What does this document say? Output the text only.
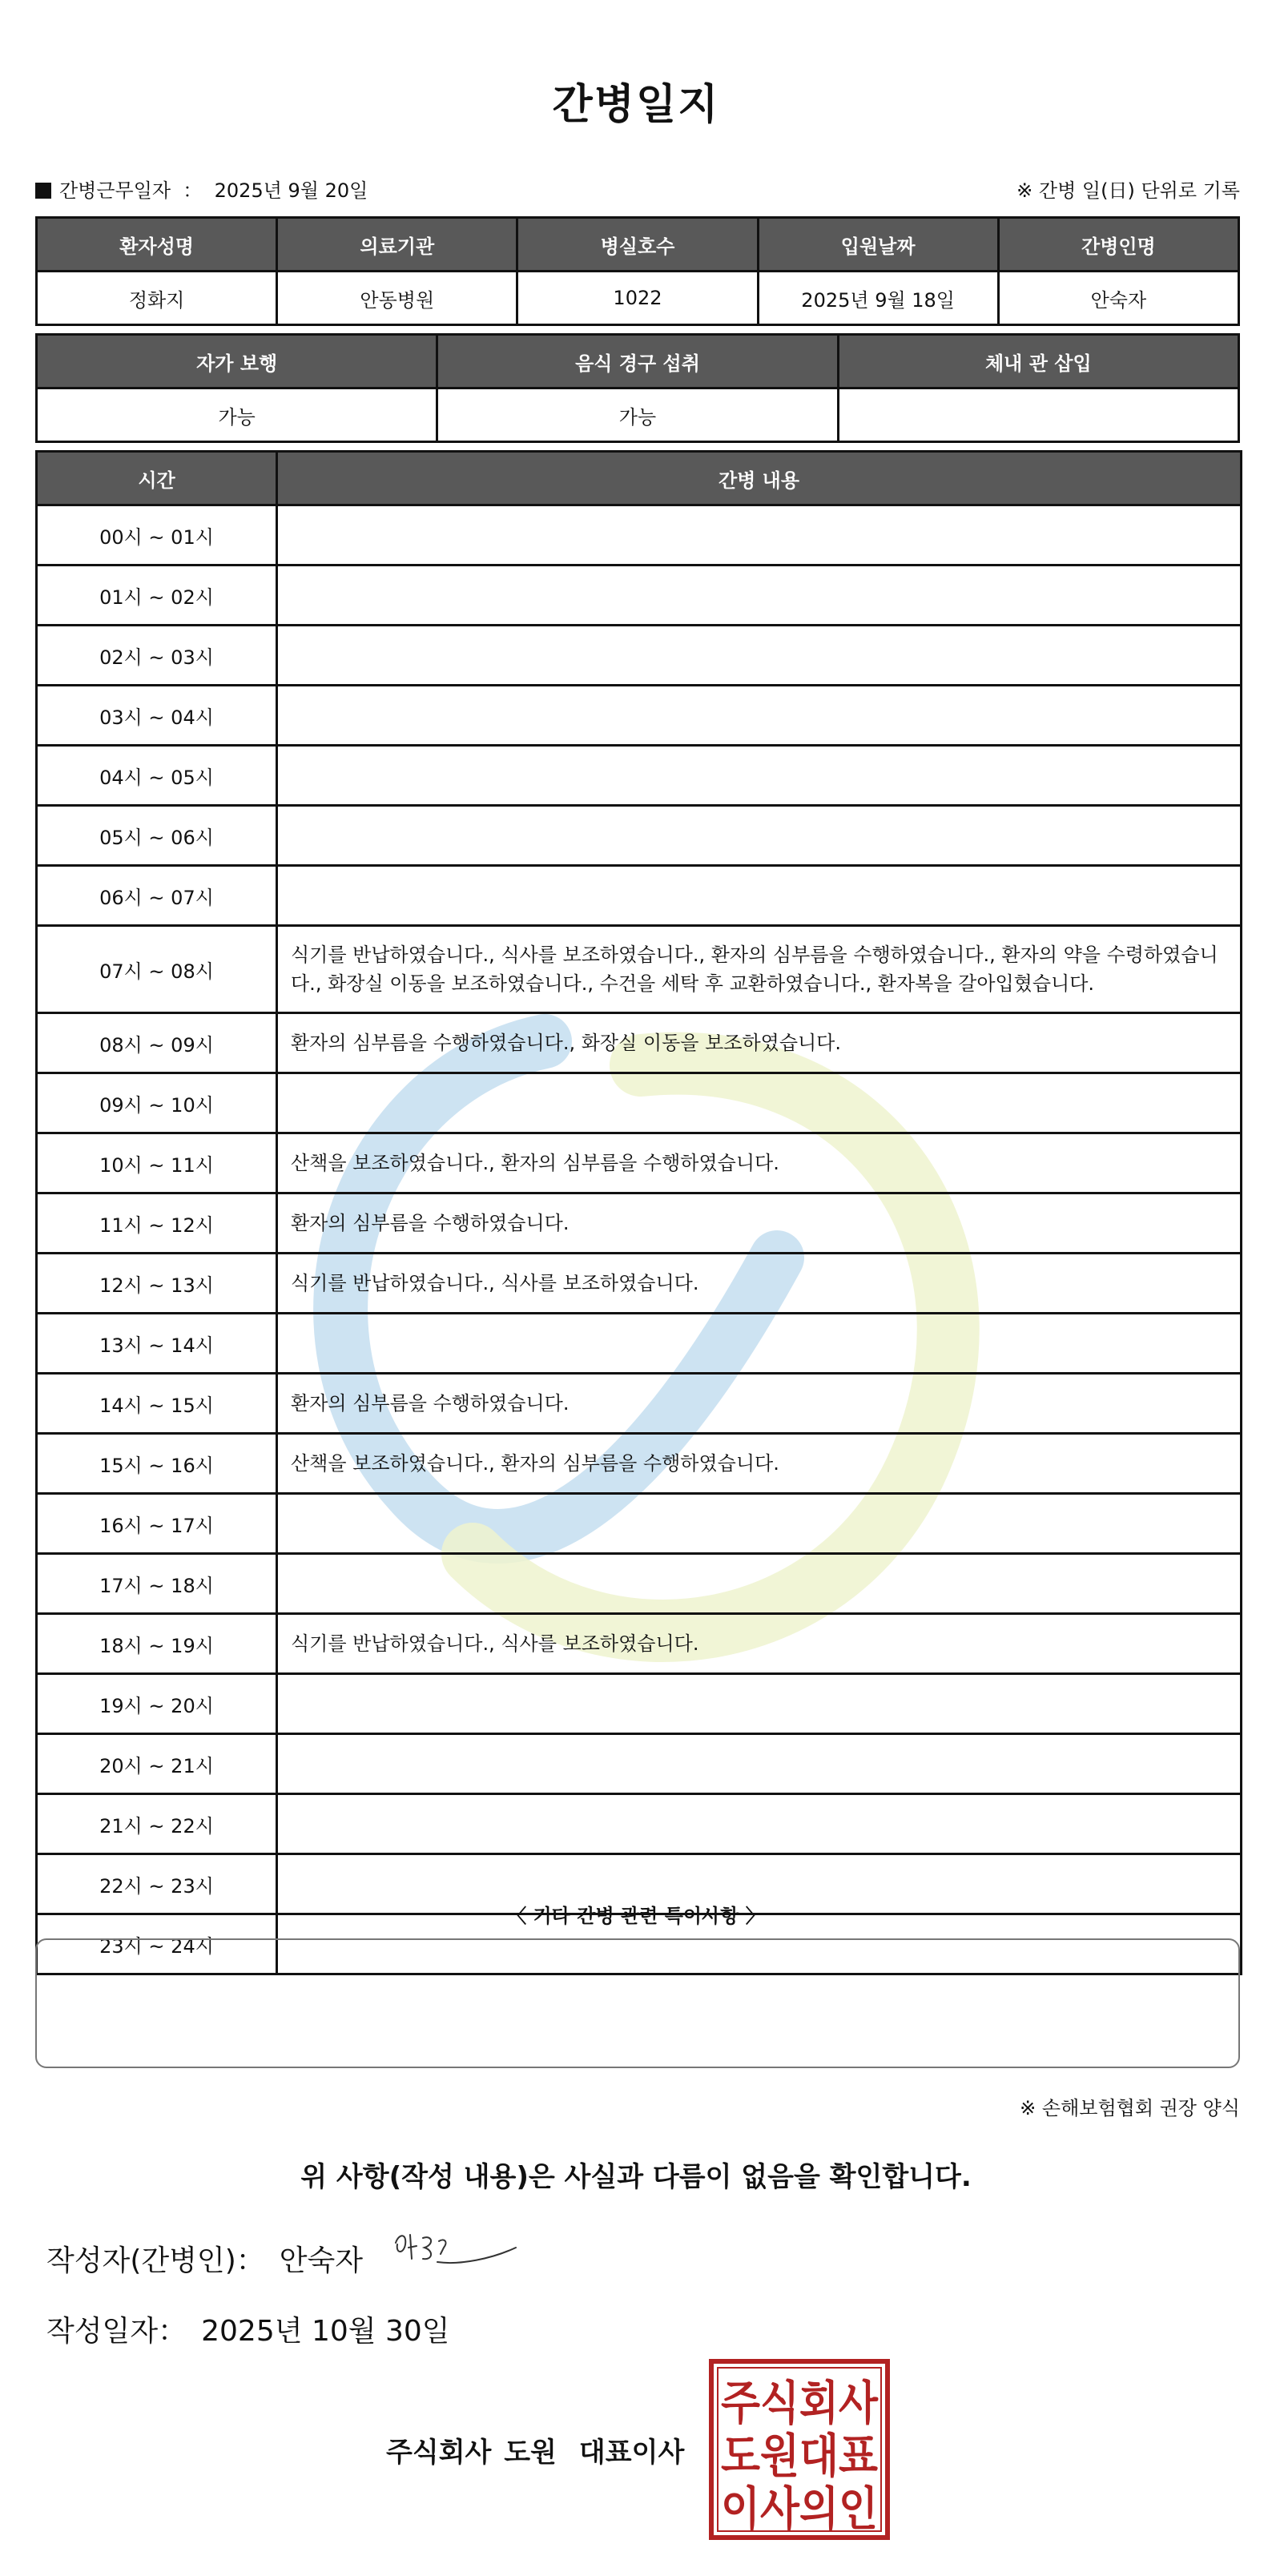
간병일지
간병근무일자 ： 2025년 9월 20일	※ 간병 일(日) 단위로 기록
환자성명	의료기관	병실호수	입원날짜	간병인명
정화지	안동병원	1022	2025년 9월 18일	안숙자
자가 보행	음식 경구 섭취	체내 관 삽입
가능	가능	
시간	간병 내용
00시 ~ 01시	
01시 ~ 02시	
02시 ~ 03시	
03시 ~ 04시	
04시 ~ 05시	
05시 ~ 06시	
06시 ~ 07시	
07시 ~ 08시	식기를 반납하였습니다., 식사를 보조하였습니다., 환자의 심부름을 수행하였습니다., 환자의 약을 수령하였습니다., 화장실 이동을 보조하였습니다., 수건을 세탁 후 교환하였습니다., 환자복을 갈아입혔습니다.
08시 ~ 09시	환자의 심부름을 수행하였습니다., 화장실 이동을 보조하였습니다.
09시 ~ 10시	
10시 ~ 11시	산책을 보조하였습니다., 환자의 심부름을 수행하였습니다.
11시 ~ 12시	환자의 심부름을 수행하였습니다.
12시 ~ 13시	식기를 반납하였습니다., 식사를 보조하였습니다.
13시 ~ 14시	
14시 ~ 15시	환자의 심부름을 수행하였습니다.
15시 ~ 16시	산책을 보조하였습니다., 환자의 심부름을 수행하였습니다.
16시 ~ 17시	
17시 ~ 18시	
18시 ~ 19시	식기를 반납하였습니다., 식사를 보조하였습니다.
19시 ~ 20시	
20시 ~ 21시	
21시 ~ 22시	
22시 ~ 23시	
23시 ~ 24시	
〈 기타 간병 관련 특이사항 〉
※ 손해보험협회 권장 양식
위 사항(작성 내용)은 사실과 다름이 없음을 확인합니다.
작성자(간병인)： 안숙자
작성일자： 2025년 10월 30일
주식회사 도원 대표이사
주식회사
도원대표
이사의인
